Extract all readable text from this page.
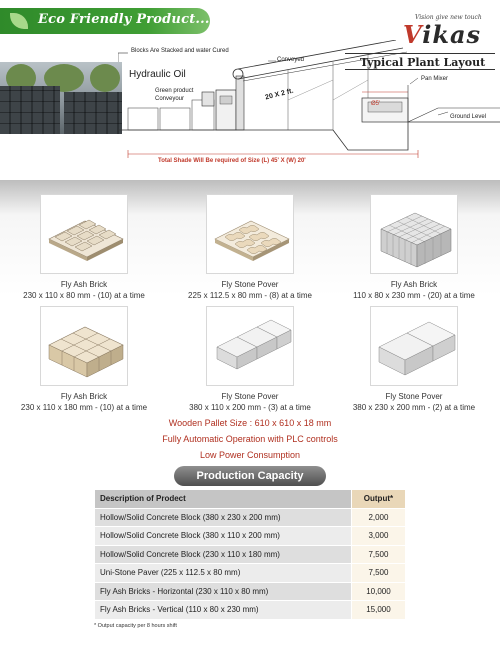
Eco Friendly Product...	Vision give new touch
Vikas
Typical Plant Layout
Blocks Are Stacked and water Cured
Hydraulic Oil
Green product
Conveyour
Conveyed
Pan Mixer
Ground Level
20 X 2 ft.
Ø5'
Total Shade Will Be required of Size (L) 45' X (W) 20'
Fly Ash Brick
230 x 110 x 80 mm - (10) at a time
Fly Stone Pover
225 x 112.5 x 80 mm - (8) at a time
Fly Ash Brick
110 x 80 x 230 mm - (20) at a time
Fly Ash Brick
230 x 110 x 180 mm - (10) at a time
Fly Stone Pover
380 x 110 x 200 mm - (3) at a time
Fly Stone Pover
380 x 230 x 200 mm - (2) at a time
Wooden Pallet Size : 610 x 610 x 18 mm
Fully Automatic Operation with PLC controls
Low Power Consumption
Production Capacity
Description of Prodect	Output*
Hollow/Solid Concrete Block (380 x 230 x 200 mm)	2,000
Hollow/Solid Concrete Block (380 x 110 x 200 mm)	3,000
Hollow/Solid Concrete Block (230 x 110 x 180 mm)	7,500
Uni-Stone Paver (225 x 112.5 x 80 mm)	7,500
Fly Ash Bricks - Horizontal (230 x 110 x 80 mm)	10,000
Fly Ash Bricks - Vertical (110 x 80 x 230 mm)	15,000
* Output capacity per 8 hours shift
